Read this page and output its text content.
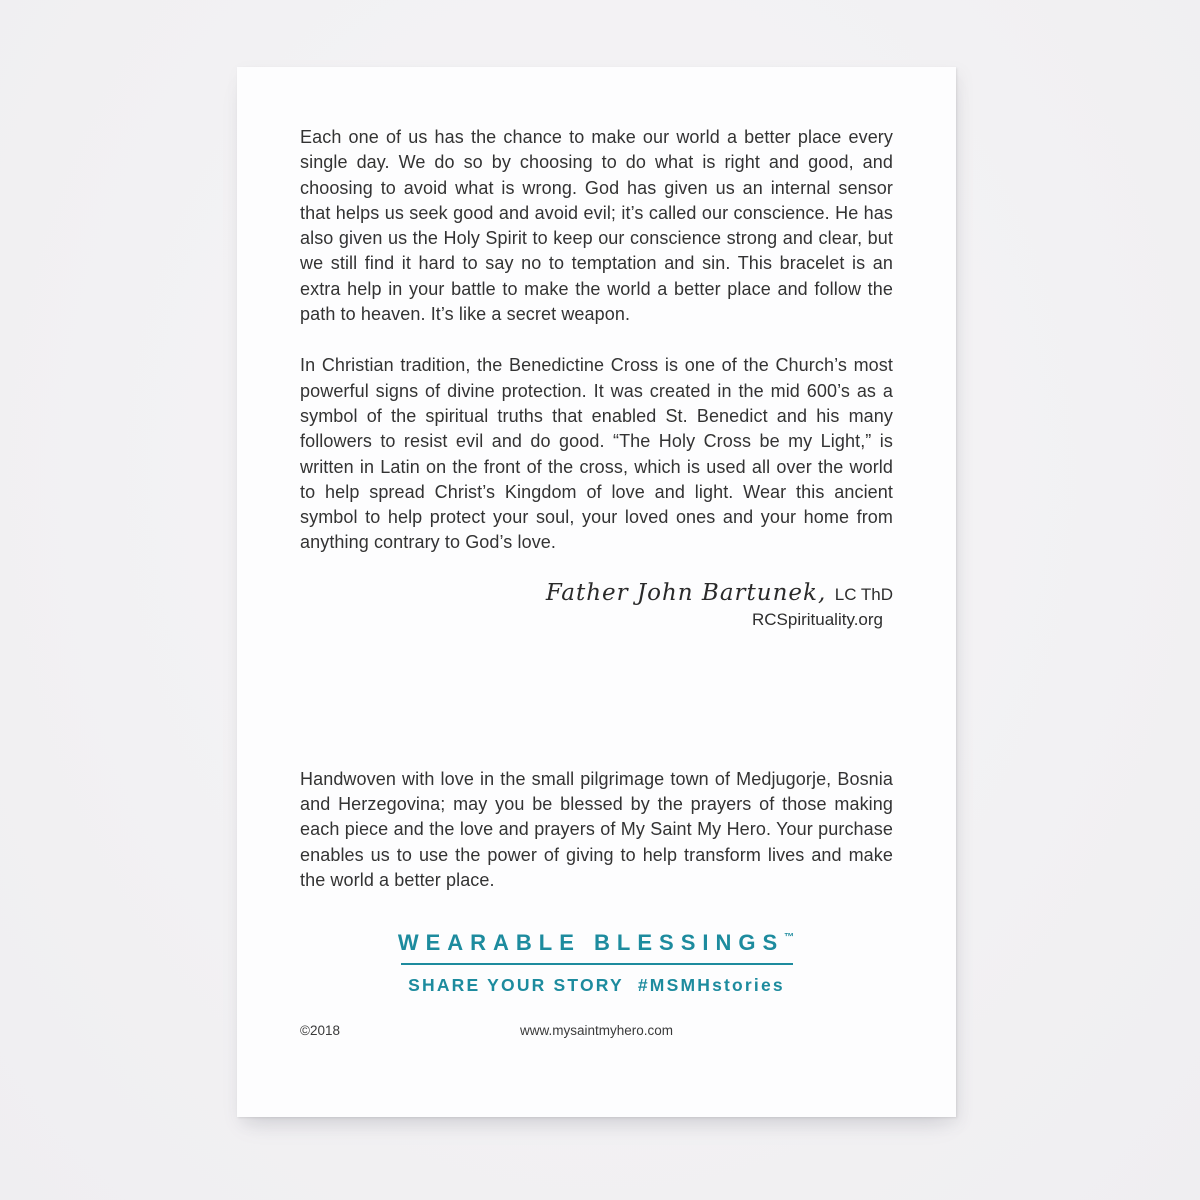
Each one of us has the chance to make our world a better place every single day. We do so by choosing to do what is right and good, and choosing to avoid what is wrong. God has given us an internal sensor that helps us seek good and avoid evil; it’s called our conscience. He has also given us the Holy Spirit to keep our conscience strong and clear, but we still find it hard to say no to temptation and sin. This bracelet is an extra help in your battle to make the world a better place and follow the path to heaven. It’s like a secret weapon.

In Christian tradition, the Benedictine Cross is one of the Church’s most powerful signs of divine protection. It was created in the mid 600’s as a symbol of the spiritual truths that enabled St. Benedict and his many followers to resist evil and do good. “The Holy Cross be my Light,” is written in Latin on the front of the cross, which is used all over the world to help spread Christ’s Kingdom of love and light. Wear this ancient symbol to help protect your soul, your loved ones and your home from anything contrary to God’s love.

Father John Bartunek, LC ThD
RCSpirituality.org

Handwoven with love in the small pilgrimage town of Medjugorje, Bosnia and Herzegovina; may you be blessed by the prayers of those making each piece and the love and prayers of My Saint My Hero. Your purchase enables us to use the power of giving to help transform lives and make the world a better place.

WEARABLE BLESSINGS™
SHARE YOUR STORY #MSMHstories
©2018	www.mysaintmyhero.com
